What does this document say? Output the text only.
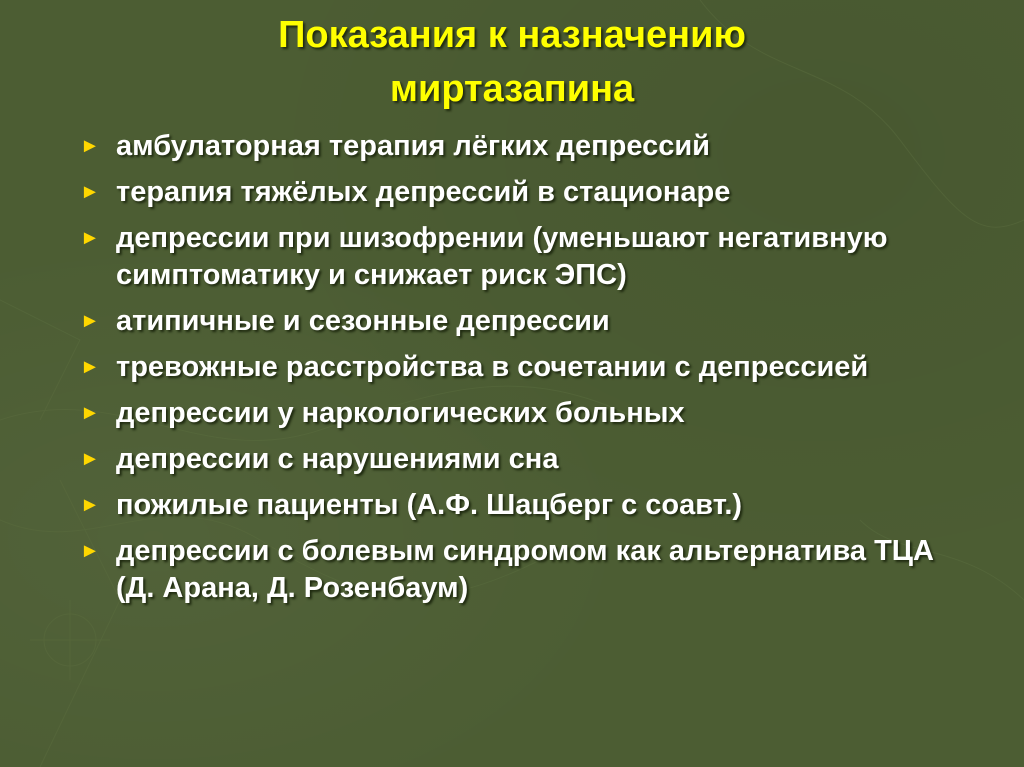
Показания к назначению
миртазапина
► амбулаторная терапия лёгких депрессий
► терапия тяжёлых депрессий в стационаре
► депрессии при шизофрении (уменьшают негативную симптоматику и снижает риск ЭПС)
► атипичные и сезонные депрессии
► тревожные расстройства в сочетании с депрессией
► депрессии у наркологических больных
► депрессии с нарушениями сна
► пожилые пациенты (А.Ф. Шацберг с соавт.)
► депрессии с болевым синдромом как альтернатива ТЦА (Д. Арана, Д. Розенбаум)
